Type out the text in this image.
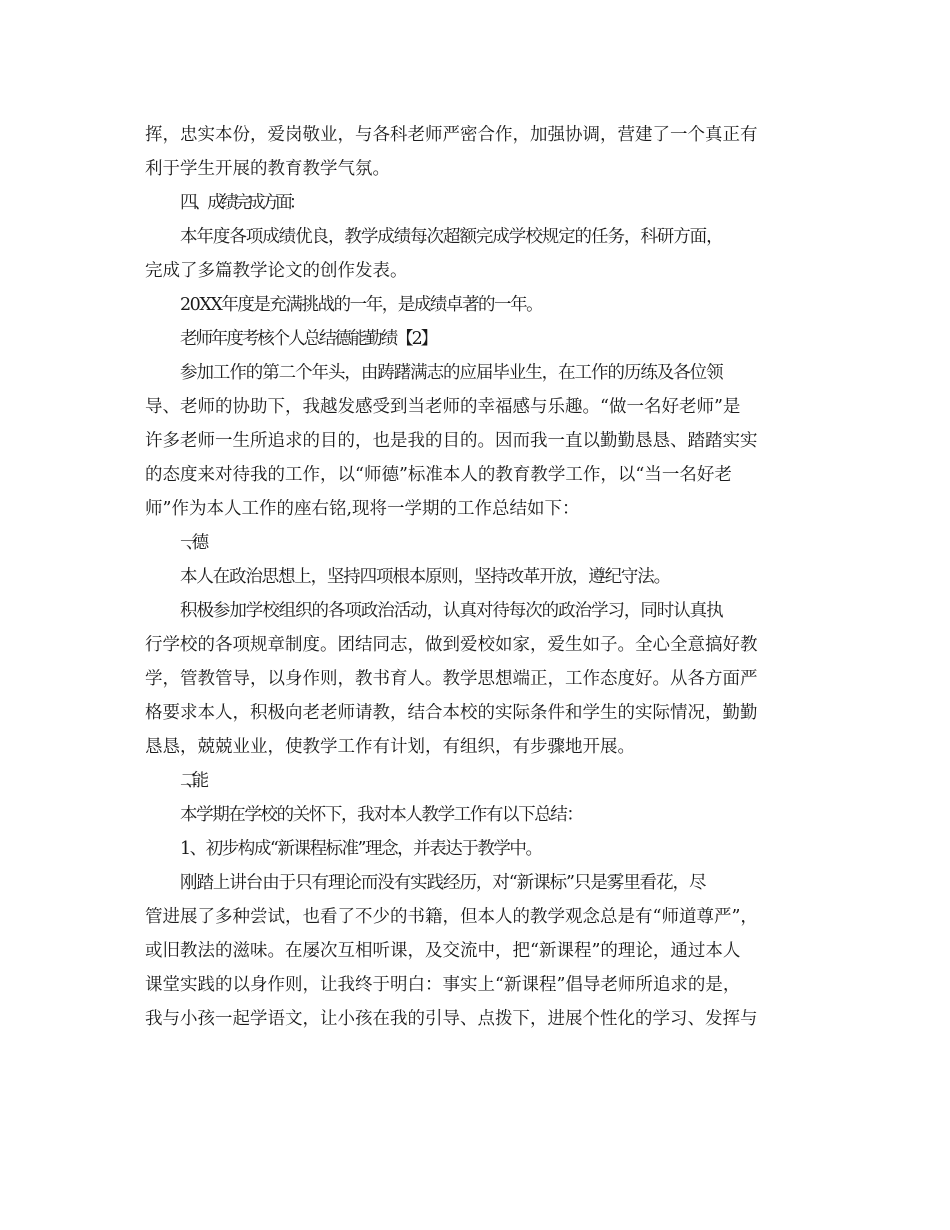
挥，忠实本份，爱岗敬业，与各科老师严密合作，加强协调，营建了一个真正有
利于学生开展的教育教学气氛。
四、成绩完成方面：
本年度各项成绩优良，教学成绩每次超额完成学校规定的任务，科研方面，
完成了多篇教学论文的创作发表。
20XX年度是充满挑战的一年，是成绩卓著的一年。
老师年度考核个人总结德能勤绩【2】
参加工作的第二个年头，由踌躇满志的应届毕业生，在工作的历练及各位领
导、老师的协助下，我越发感受到当老师的幸福感与乐趣。“做一名好老师”是
许多老师一生所追求的目的，也是我的目的。因而我一直以勤勤恳恳、踏踏实实
的态度来对待我的工作，以“师德”标准本人的教育教学工作，以“当一名好老
师”作为本人工作的座右铭,现将一学期的工作总结如下：
一、德
本人在政治思想上，坚持四项根本原则，坚持改革开放，遵纪守法。
积极参加学校组织的各项政治活动，认真对待每次的政治学习，同时认真执
行学校的各项规章制度。团结同志，做到爱校如家，爱生如子。全心全意搞好教
学，管教管导，以身作则，教书育人。教学思想端正，工作态度好。从各方面严
格要求本人，积极向老老师请教，结合本校的实际条件和学生的实际情况，勤勤
恳恳，兢兢业业，使教学工作有计划，有组织，有步骤地开展。
二、能
本学期在学校的关怀下，我对本人教学工作有以下总结：
1、初步构成“新课程标准”理念，并表达于教学中。
刚踏上讲台由于只有理论而没有实践经历，对“新课标”只是雾里看花，尽
管进展了多种尝试，也看了不少的书籍，但本人的教学观念总是有“师道尊严”，
或旧教法的滋味。在屡次互相听课，及交流中，把“新课程”的理论，通过本人
课堂实践的以身作则，让我终于明白：事实上“新课程”倡导老师所追求的是，
我与小孩一起学语文，让小孩在我的引导、点拨下，进展个性化的学习、发挥与
